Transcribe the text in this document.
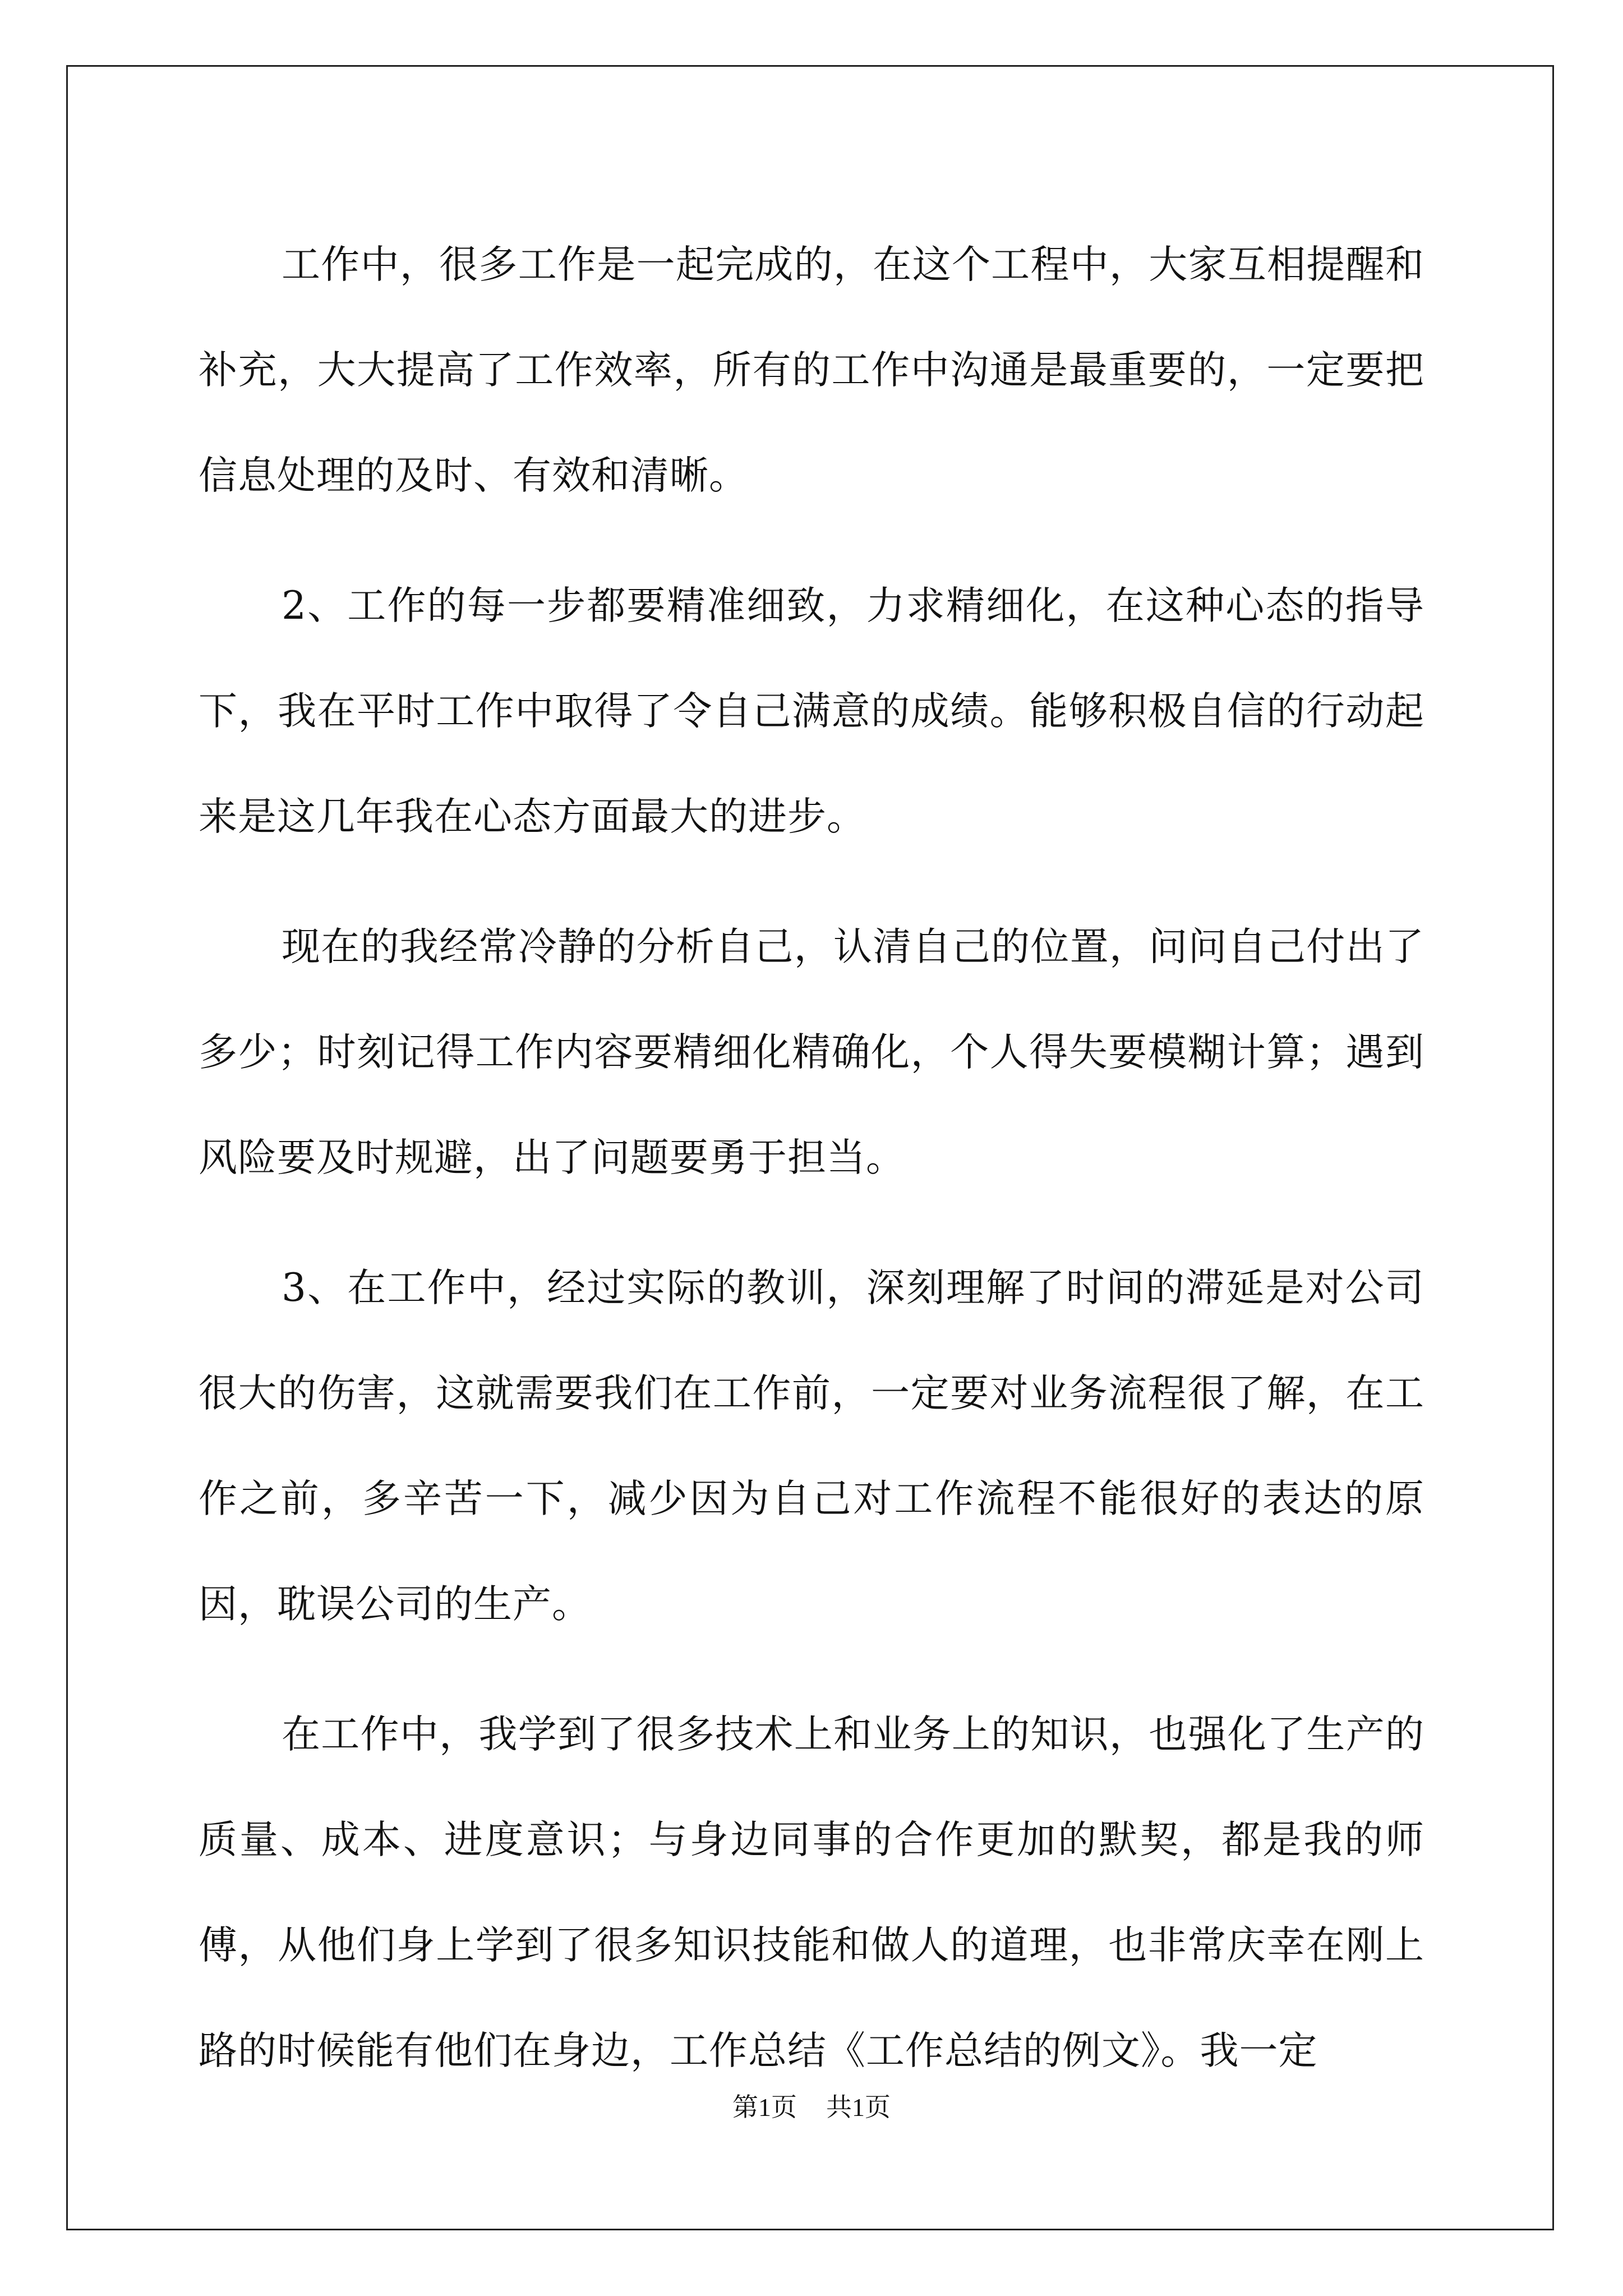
工作中，很多工作是一起完成的，在这个工程中，大家互相提醒和补充，大大提高了工作效率，所有的工作中沟通是最重要的，一定要把信息处理的及时、有效和清晰。

2、工作的每一步都要精准细致，力求精细化，在这种心态的指导下，我在平时工作中取得了令自己满意的成绩。能够积极自信的行动起来是这几年我在心态方面最大的进步。

现在的我经常冷静的分析自己，认清自己的位置，问问自己付出了多少；时刻记得工作内容要精细化精确化，个人得失要模糊计算；遇到风险要及时规避，出了问题要勇于担当。

3、在工作中，经过实际的教训，深刻理解了时间的滞延是对公司很大的伤害，这就需要我们在工作前，一定要对业务流程很了解，在工作之前，多辛苦一下，减少因为自己对工作流程不能很好的表达的原因，耽误公司的生产。

在工作中，我学到了很多技术上和业务上的知识，也强化了生产的质量、成本、进度意识；与身边同事的合作更加的默契，都是我的师傅，从他们身上学到了很多知识技能和做人的道理，也非常庆幸在刚上路的时候能有他们在身边，工作总结《工作总结的例文》。我一定

第1页 共1页
